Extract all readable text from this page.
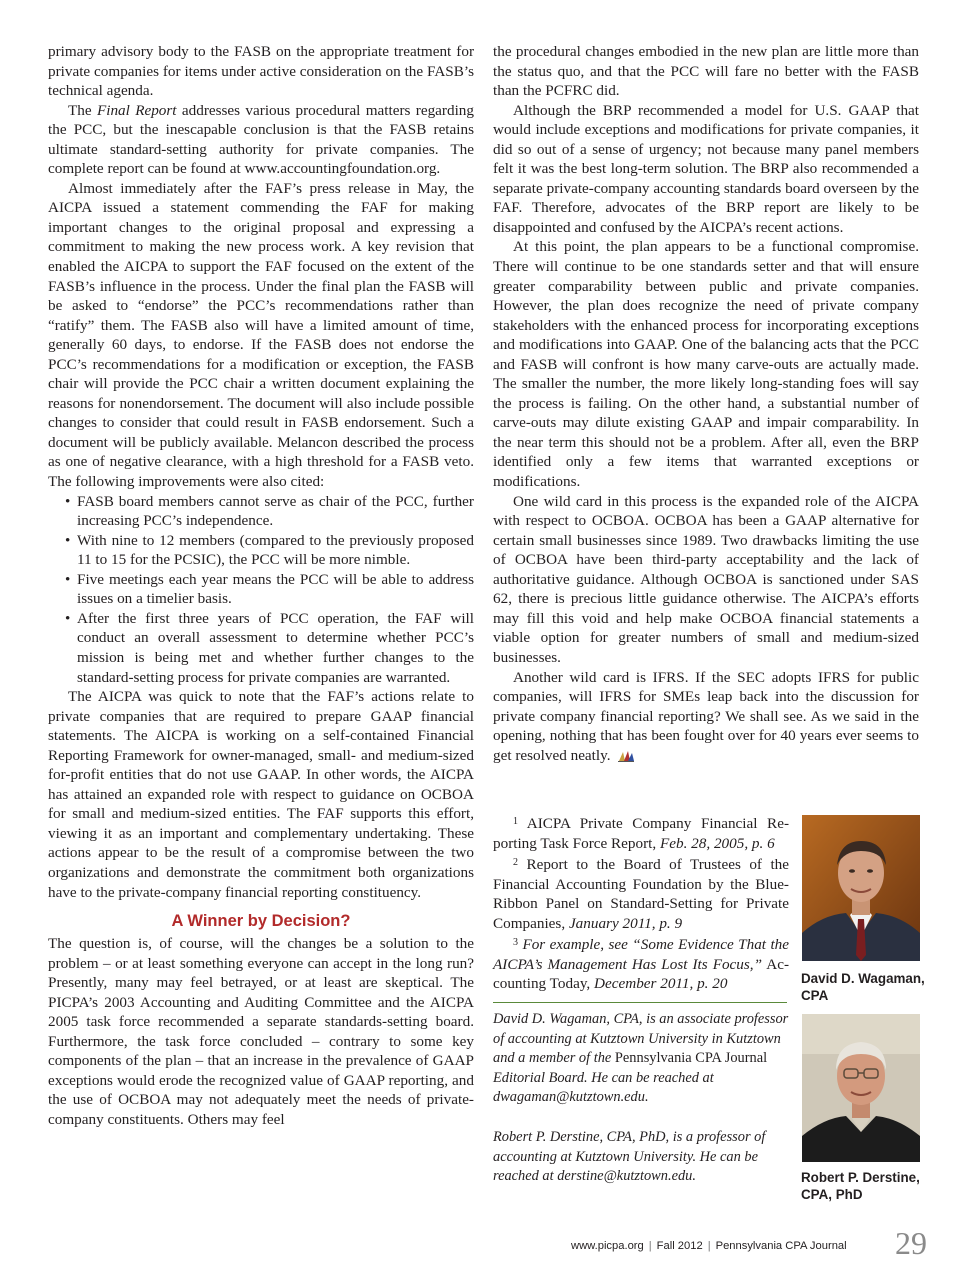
primary advisory body to the FASB on the appropriate treatment for private companies for items under active consideration on the FASB’s technical agenda.

The Final Report addresses various procedural matters regarding the PCC, but the inescapable conclusion is that the FASB retains ultimate standard-setting authority for private companies. The complete report can be found at www.accountingfoundation.org.

Almost immediately after the FAF’s press release in May, the AICPA issued a statement commending the FAF for making important changes to the original proposal and expressing a commitment to making the new process work. A key revision that enabled the AICPA to support the FAF focused on the extent of the FASB’s influence in the process. Under the final plan the FASB will be asked to “endorse” the PCC’s recommendations rather than “ratify” them. The FASB also will have a limited amount of time, generally 60 days, to endorse. If the FASB does not endorse the PCC’s recommendations for a modification or exception, the FASB chair will provide the PCC chair a written document explaining the reasons for nonendorsement. The document will also include possible changes to consider that could result in FASB endorsement. Such a document will be publicly available. Melancon described the process as one of negative clearance, with a high threshold for a FASB veto. The following improvements were also cited:

• FASB board members cannot serve as chair of the PCC, further increasing PCC’s independence.
• With nine to 12 members (compared to the previously proposed 11 to 15 for the PCSIC), the PCC will be more nimble.
• Five meetings each year means the PCC will be able to address issues on a timelier basis.
• After the first three years of PCC operation, the FAF will conduct an overall assessment to determine whether PCC’s mission is being met and whether further changes to the standard-setting process for private companies are warranted.

The AICPA was quick to note that the FAF’s actions relate to private companies that are required to prepare GAAP financial statements. The AICPA is working on a self-contained Financial Reporting Framework for owner-managed, small- and medium-sized for-profit entities that do not use GAAP. In other words, the AICPA has attained an expanded role with respect to guidance on OCBOA for small and medium-sized entities. The FAF supports this effort, viewing it as an important and complementary undertaking. These actions appear to be the result of a compromise between the two organizations and demonstrate the commitment both organizations have to the private-company financial reporting constituency.

A Winner by Decision?

The question is, of course, will the changes be a solution to the problem – or at least something everyone can accept in the long run? Presently, many may feel betrayed, or at least are skeptical. The PICPA’s 2003 Accounting and Auditing Committee and the AICPA 2005 task force recommended a separate standards-setting board. Furthermore, the task force concluded – contrary to some key components of the plan – that an increase in the prevalence of GAAP exceptions would erode the recognized value of GAAP reporting, and the use of OCBOA may not adequately meet the needs of private-company constituents. Others may feel

the procedural changes embodied in the new plan are little more than the status quo, and that the PCC will fare no better with the FASB than the PCFRC did.

Although the BRP recommended a model for U.S. GAAP that would include exceptions and modifications for private companies, it did so out of a sense of urgency; not because many panel members felt it was the best long-term solution. The BRP also recommended a separate private-company accounting standards board overseen by the FAF. Therefore, advocates of the BRP report are likely to be disappointed and confused by the AICPA’s recent actions.

At this point, the plan appears to be a functional compromise. There will continue to be one standards setter and that will ensure greater comparability between public and private companies. However, the plan does recognize the need of private company stakeholders with the enhanced process for incorporating exceptions and modifications into GAAP. One of the balancing acts that the PCC and FASB will confront is how many carve-outs are actually made. The smaller the number, the more likely long-standing foes will say the process is failing. On the other hand, a substantial number of carve-outs may dilute existing GAAP and impair comparability. In the near term this should not be a problem. After all, even the BRP identified only a few items that warranted exceptions or modifications.

One wild card in this process is the expanded role of the AICPA with respect to OCBOA. OCBOA has been a GAAP alternative for certain small businesses since 1989. Two drawbacks limiting the use of OCBOA have been third-party acceptability and the lack of authoritative guidance. Although OCBOA is sanctioned under SAS 62, there is precious little guidance otherwise. The AICPA’s efforts may fill this void and help make OCBOA financial statements a viable option for greater numbers of small and medium-sized businesses.

Another wild card is IFRS. If the SEC adopts IFRS for public companies, will IFRS for SMEs leap back into the discussion for private company financial reporting? We shall see. As we said in the opening, nothing that has been fought over for 40 years ever seems to get resolved neatly.

$^1$ AICPA Private Company Financial Reporting Task Force Report, Feb. 28, 2005, p. 6

$^2$ Report to the Board of Trustees of the Financial Accounting Foundation by the Blue-Ribbon Panel on Standard-Setting for Private Companies, January 2011, p. 9

$^3$ For example, see “Some Evidence That the AICPA’s Management Has Lost Its Focus,” Accounting Today, December 2011, p. 20

David D. Wagaman, CPA, is an associate professor of accounting at Kutztown University in Kutztown and a member of the Pennsylvania CPA Journal Editorial Board. He can be reached at dwagaman@kutztown.edu.

Robert P. Derstine, CPA, PhD, is a professor of accounting at Kutztown University. He can be reached at derstine@kutztown.edu.

David D. Wagaman, CPA
Robert P. Derstine, CPA, PhD
www.picpa.org | Fall 2012 | Pennsylvania CPA Journal 29
